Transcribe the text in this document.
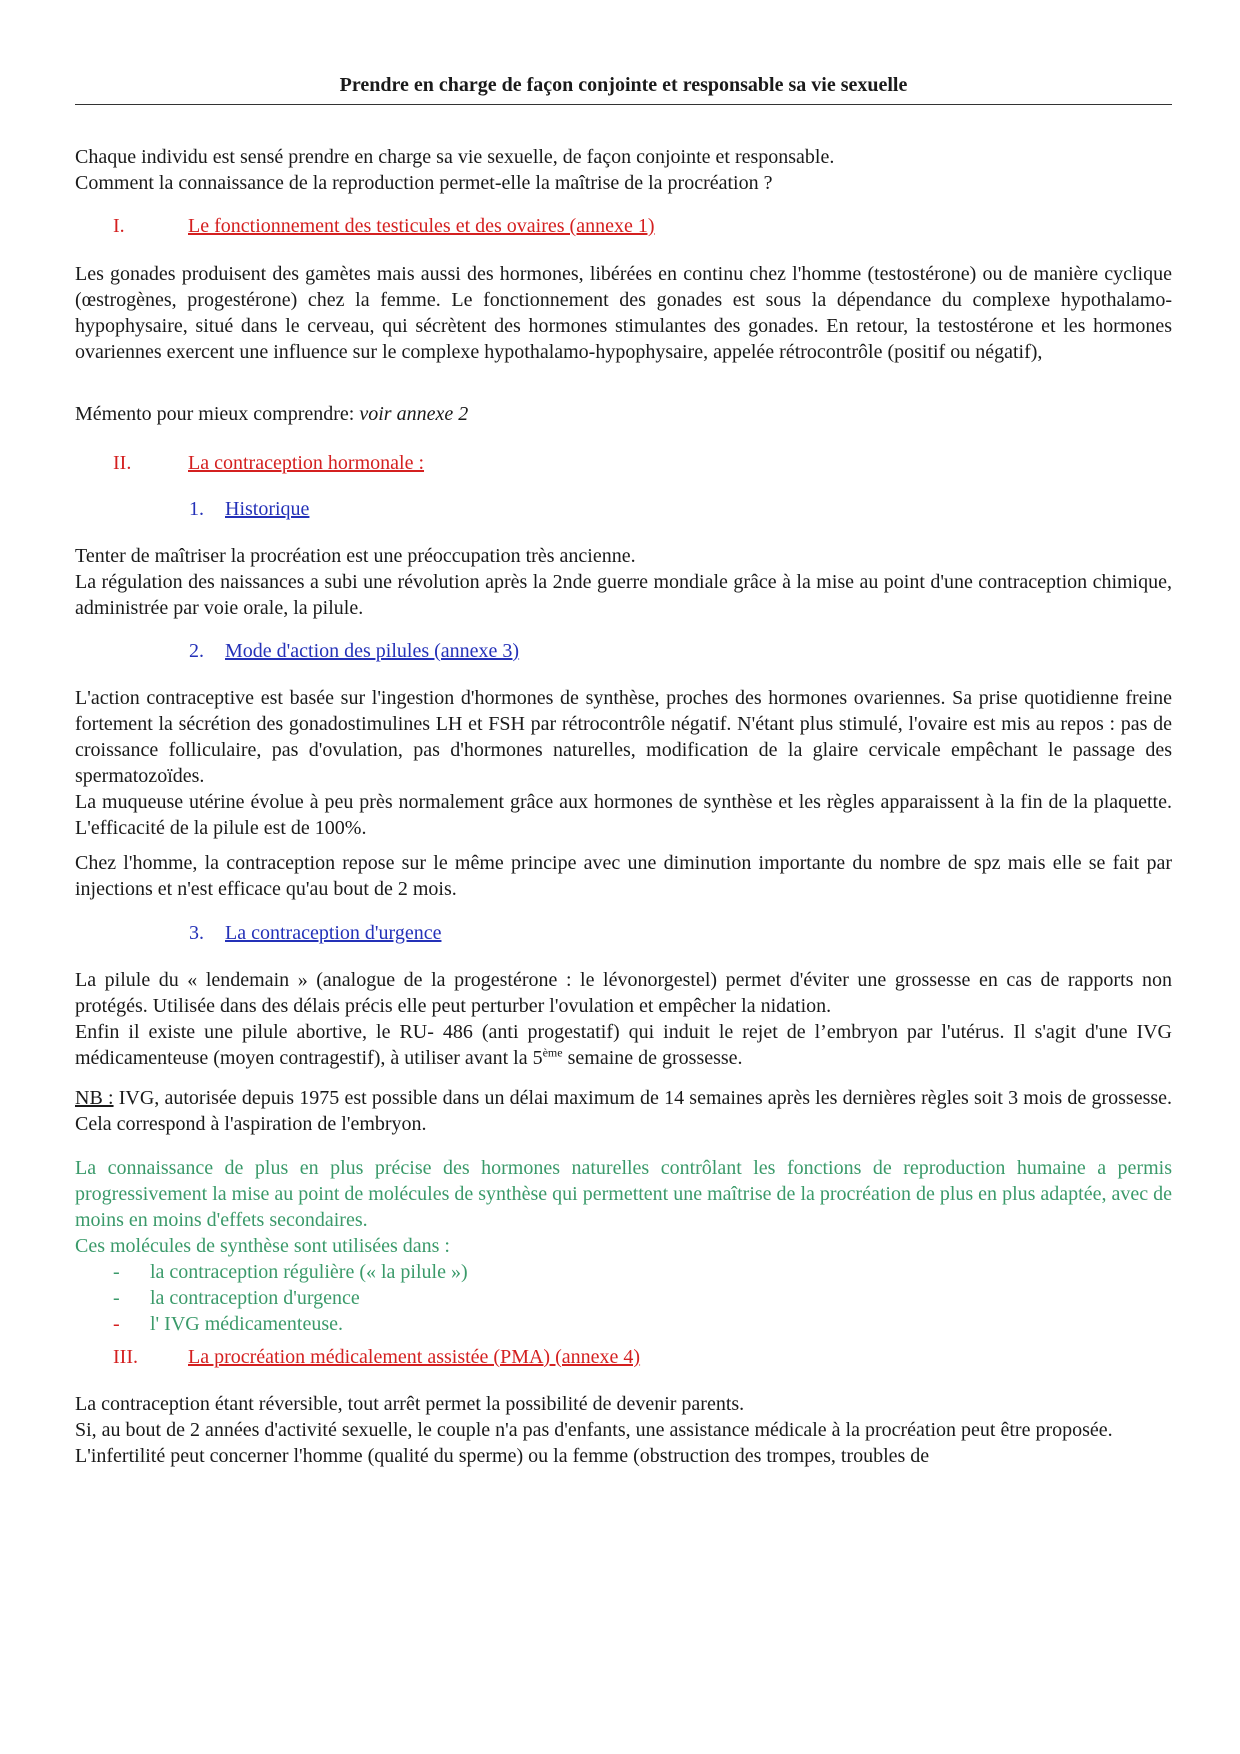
Prendre en charge de façon conjointe et responsable sa vie sexuelle
Chaque individu est sensé prendre en charge sa vie sexuelle, de façon conjointe et responsable.
Comment la connaissance de la reproduction permet-elle la maîtrise de la procréation ?
I.	Le fonctionnement des testicules et des ovaires (annexe 1)
Les gonades produisent des gamètes mais aussi des hormones, libérées en continu chez l'homme (testostérone) ou de manière cyclique (œstrogènes, progestérone) chez la femme. Le fonctionnement des gonades est sous la dépendance du complexe hypothalamo-hypophysaire, situé dans le cerveau, qui sécrètent des hormones stimulantes des gonades. En retour, la testostérone et les hormones ovariennes exercent une influence sur le complexe hypothalamo-hypophysaire, appelée rétrocontrôle (positif ou négatif),
Mémento pour mieux comprendre: voir annexe 2
II.	La contraception hormonale :
1. Historique
Tenter de maîtriser la procréation est une préoccupation très ancienne.
La régulation des naissances a subi une révolution après la 2nde guerre mondiale grâce à la mise au point d'une contraception chimique, administrée par voie orale, la pilule.
2. Mode d'action des pilules (annexe 3)
L'action contraceptive est basée sur l'ingestion d'hormones de synthèse, proches des hormones ovariennes. Sa prise quotidienne freine fortement la sécrétion des gonadostimulines LH et FSH par rétrocontrôle négatif. N'étant plus stimulé, l'ovaire est mis au repos : pas de croissance folliculaire, pas d'ovulation, pas d'hormones naturelles, modification de la glaire cervicale empêchant le passage des spermatozoïdes.
La muqueuse utérine évolue à peu près normalement grâce aux hormones de synthèse et les règles apparaissent à la fin de la plaquette. L'efficacité de la pilule est de 100%.
Chez l'homme, la contraception repose sur le même principe avec une diminution importante du nombre de spz mais elle se fait par injections et n'est efficace qu'au bout de 2 mois.
3. La contraception d'urgence
La pilule du « lendemain » (analogue de la progestérone : le lévonorgestel) permet d'éviter une grossesse en cas de rapports non protégés. Utilisée dans des délais précis elle peut perturber l'ovulation et empêcher la nidation.
Enfin il existe une pilule abortive, le RU- 486 (anti progestatif) qui induit le rejet de l’embryon par l'utérus. Il s'agit d'une IVG médicamenteuse (moyen contragestif), à utiliser avant la 5ème semaine de grossesse.
NB : IVG, autorisée depuis 1975 est possible dans un délai maximum de 14 semaines après les dernières règles soit 3 mois de grossesse. Cela correspond à l'aspiration de l'embryon.
La connaissance de plus en plus précise des hormones naturelles contrôlant les fonctions de reproduction humaine a permis progressivement la mise au point de molécules de synthèse qui permettent une maîtrise de la procréation de plus en plus adaptée, avec de moins en moins d'effets secondaires.
Ces molécules de synthèse sont utilisées dans :
- la contraception régulière (« la pilule »)
- la contraception d'urgence
- l' IVG médicamenteuse.
III.	La procréation médicalement assistée (PMA) (annexe 4)
La contraception étant réversible, tout arrêt permet la possibilité de devenir parents.
Si, au bout de 2 années d'activité sexuelle, le couple n'a pas d'enfants, une assistance médicale à la procréation peut être proposée.
L'infertilité peut concerner l'homme (qualité du sperme) ou la femme (obstruction des trompes, troubles de
